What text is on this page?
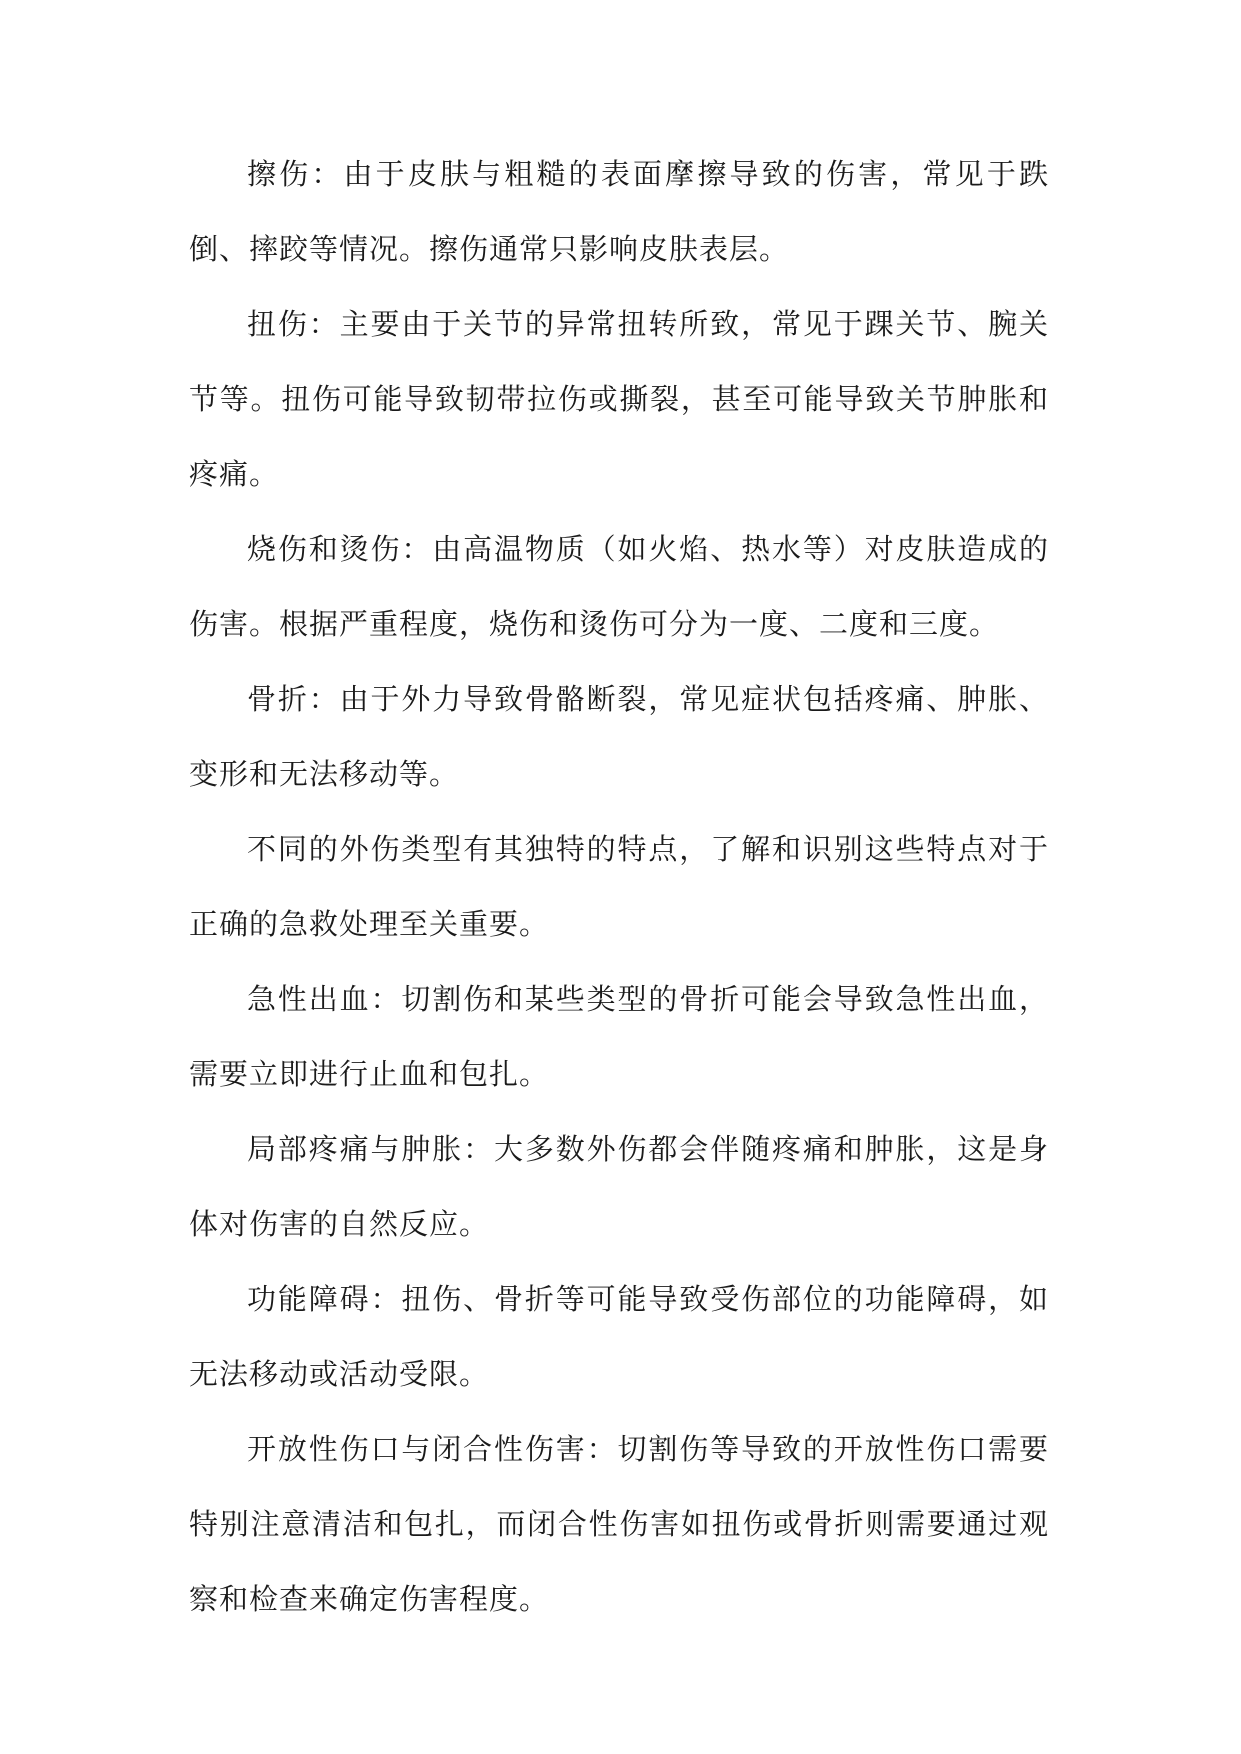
擦伤：由于皮肤与粗糙的表面摩擦导致的伤害，常见于跌倒、摔跤等情况。擦伤通常只影响皮肤表层。

扭伤：主要由于关节的异常扭转所致，常见于踝关节、腕关节等。扭伤可能导致韧带拉伤或撕裂，甚至可能导致关节肿胀和疼痛。

烧伤和烫伤：由高温物质（如火焰、热水等）对皮肤造成的伤害。根据严重程度，烧伤和烫伤可分为一度、二度和三度。

骨折：由于外力导致骨骼断裂，常见症状包括疼痛、肿胀、变形和无法移动等。

不同的外伤类型有其独特的特点，了解和识别这些特点对于正确的急救处理至关重要。

急性出血：切割伤和某些类型的骨折可能会导致急性出血，需要立即进行止血和包扎。

局部疼痛与肿胀：大多数外伤都会伴随疼痛和肿胀，这是身体对伤害的自然反应。

功能障碍：扭伤、骨折等可能导致受伤部位的功能障碍，如无法移动或活动受限。

开放性伤口与闭合性伤害：切割伤等导致的开放性伤口需要特别注意清洁和包扎，而闭合性伤害如扭伤或骨折则需要通过观察和检查来确定伤害程度。
